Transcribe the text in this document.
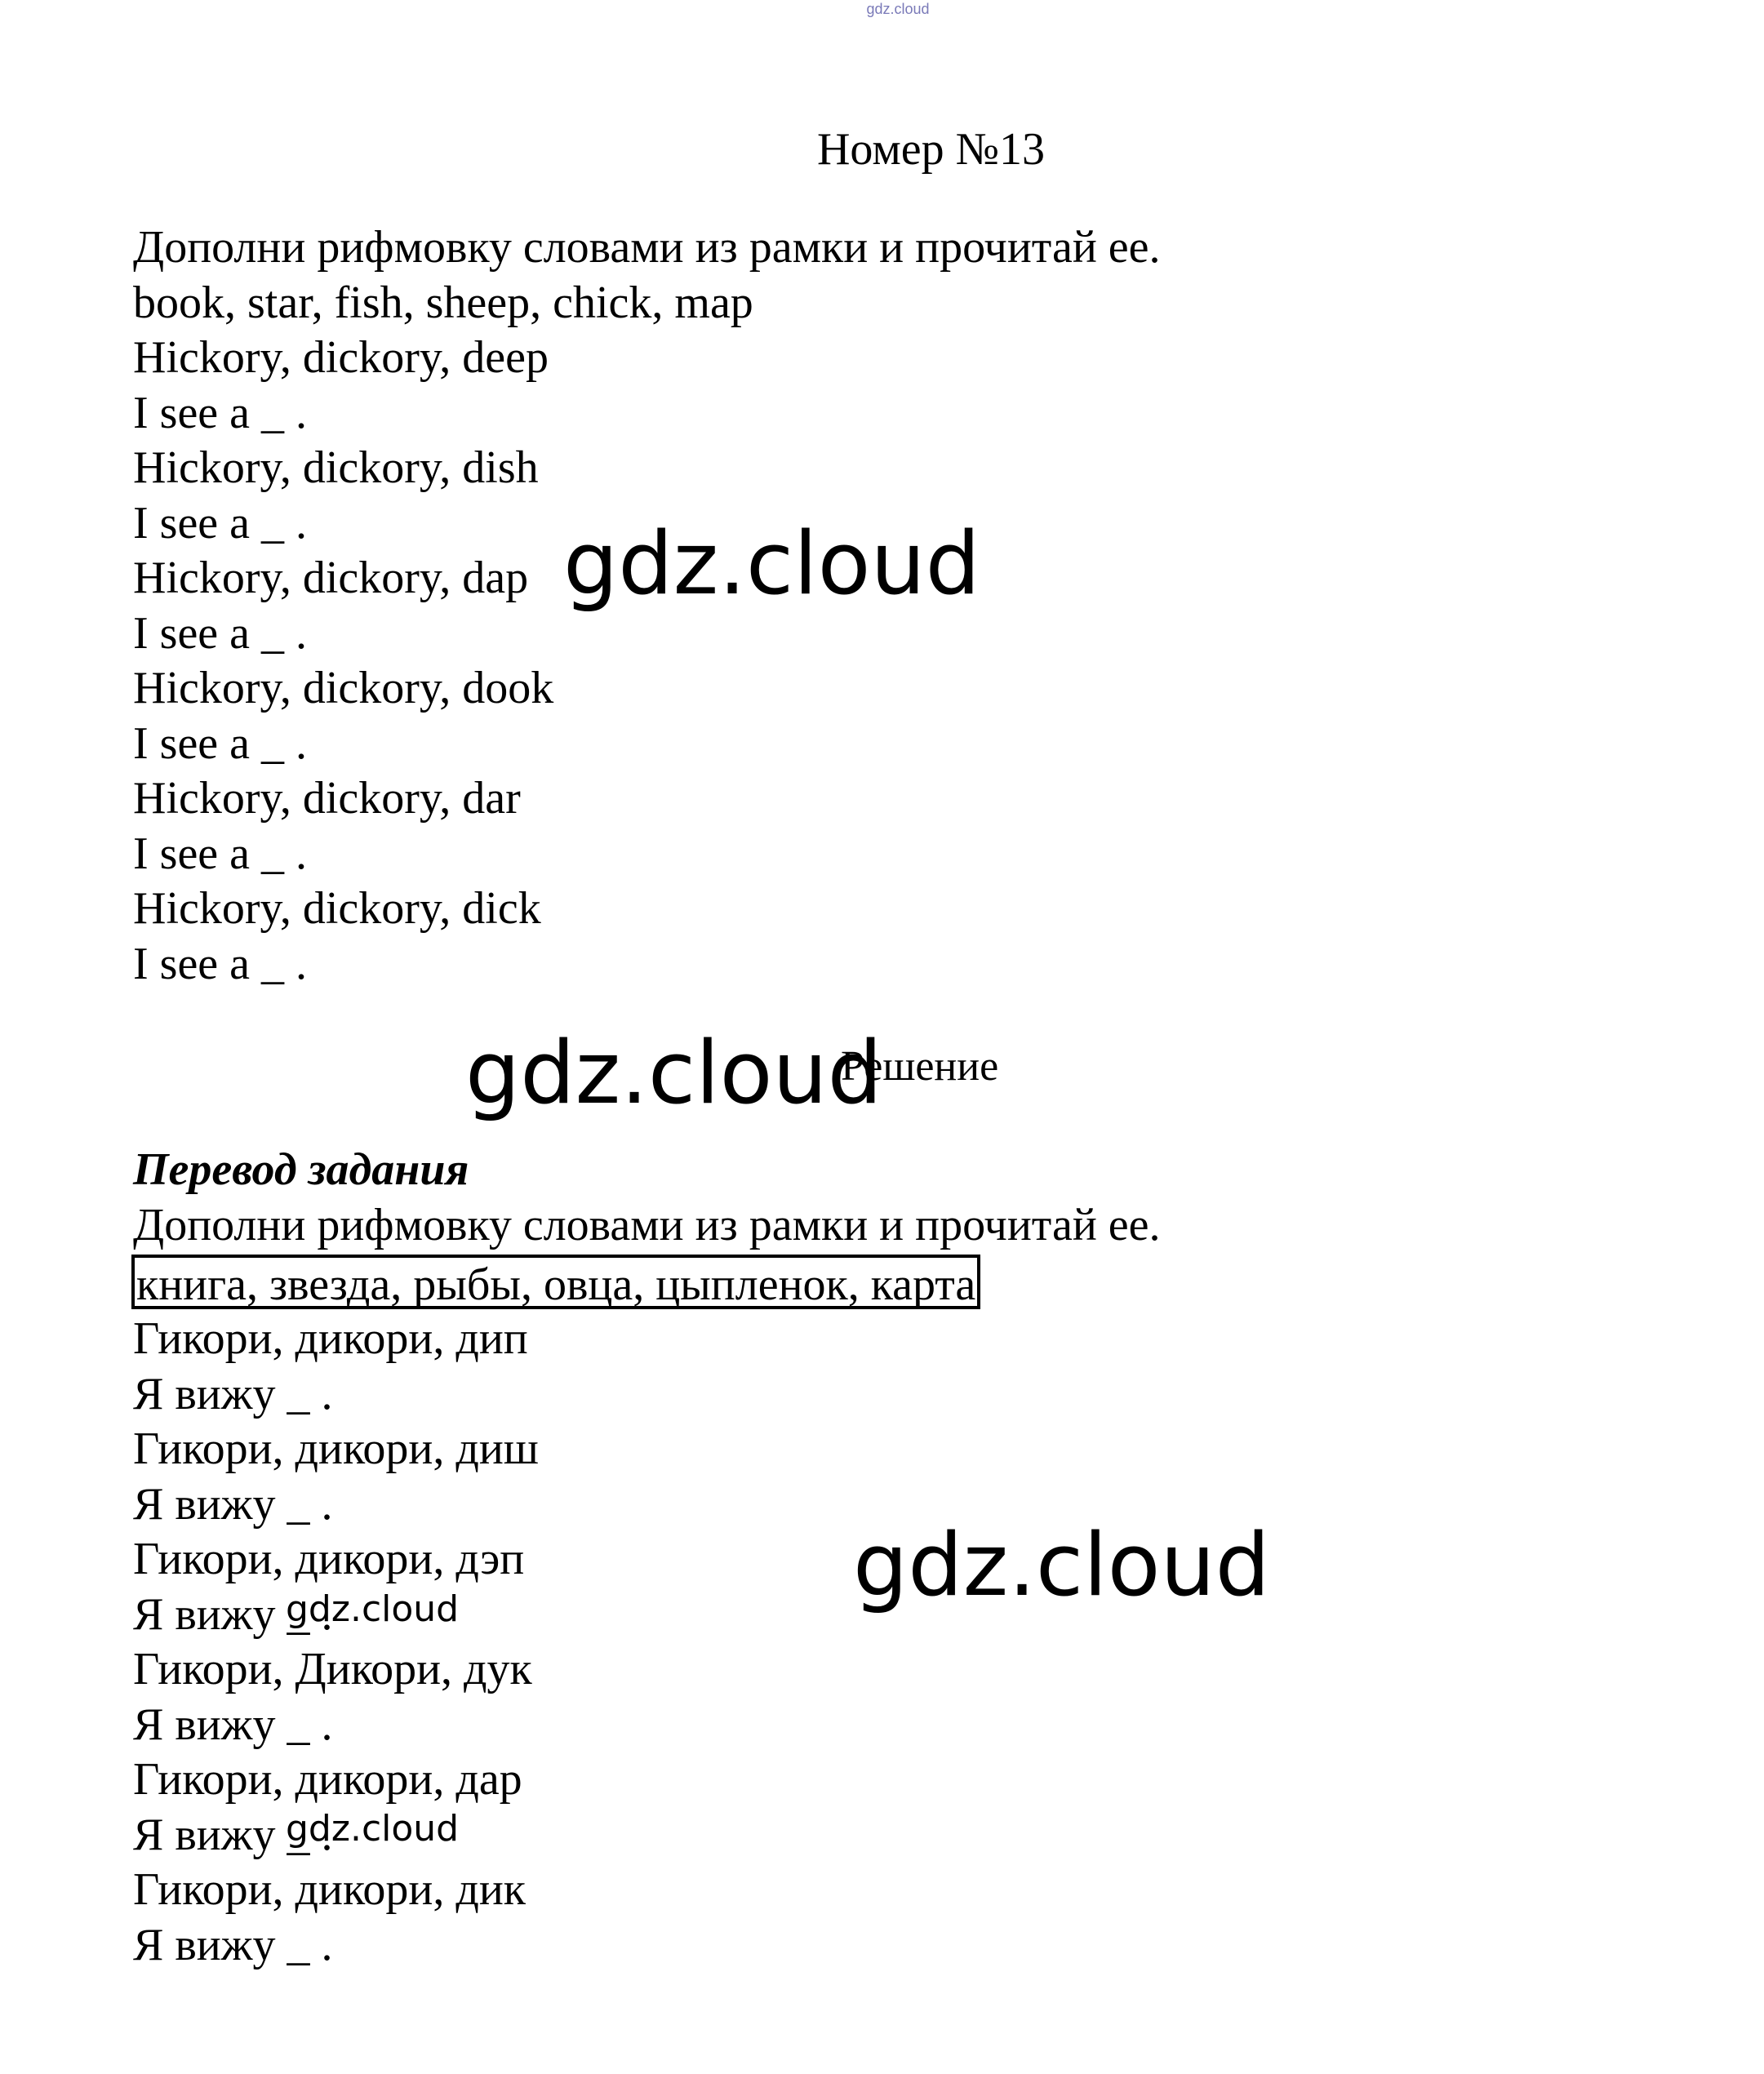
gdz.cloud
Номер №13
Дополни рифмовку словами из рамки и прочитай ее.
book, star, fish, sheep, chick, map
Hickory, dickory, deep
I see a _ .
Hickory, dickory, dish
I see a _ .
Hickory, dickory, dap
I see a _ .
Hickory, dickory, dook
I see a _ .
Hickory, dickory, dar
I see a _ .
Hickory, dickory, dick
I see a _ .
Решение
Перевод задания
Дополни рифмовку словами из рамки и прочитай ее.
книга, звезда, рыбы, овца, цыпленок, карта
Гикори, дикори, дип
Я вижу _ .
Гикори, дикори, диш
Я вижу _ .
Гикори, дикори, дэп
Я вижу _ .
Гикори, Дикори, дук
Я вижу _ .
Гикори, дикори, дар
Я вижу _ .
Гикори, дикори, дик
Я вижу _ .
gdz.cloud
gdz.cloud
gdz.cloud
gdz.cloud
gdz.cloud
